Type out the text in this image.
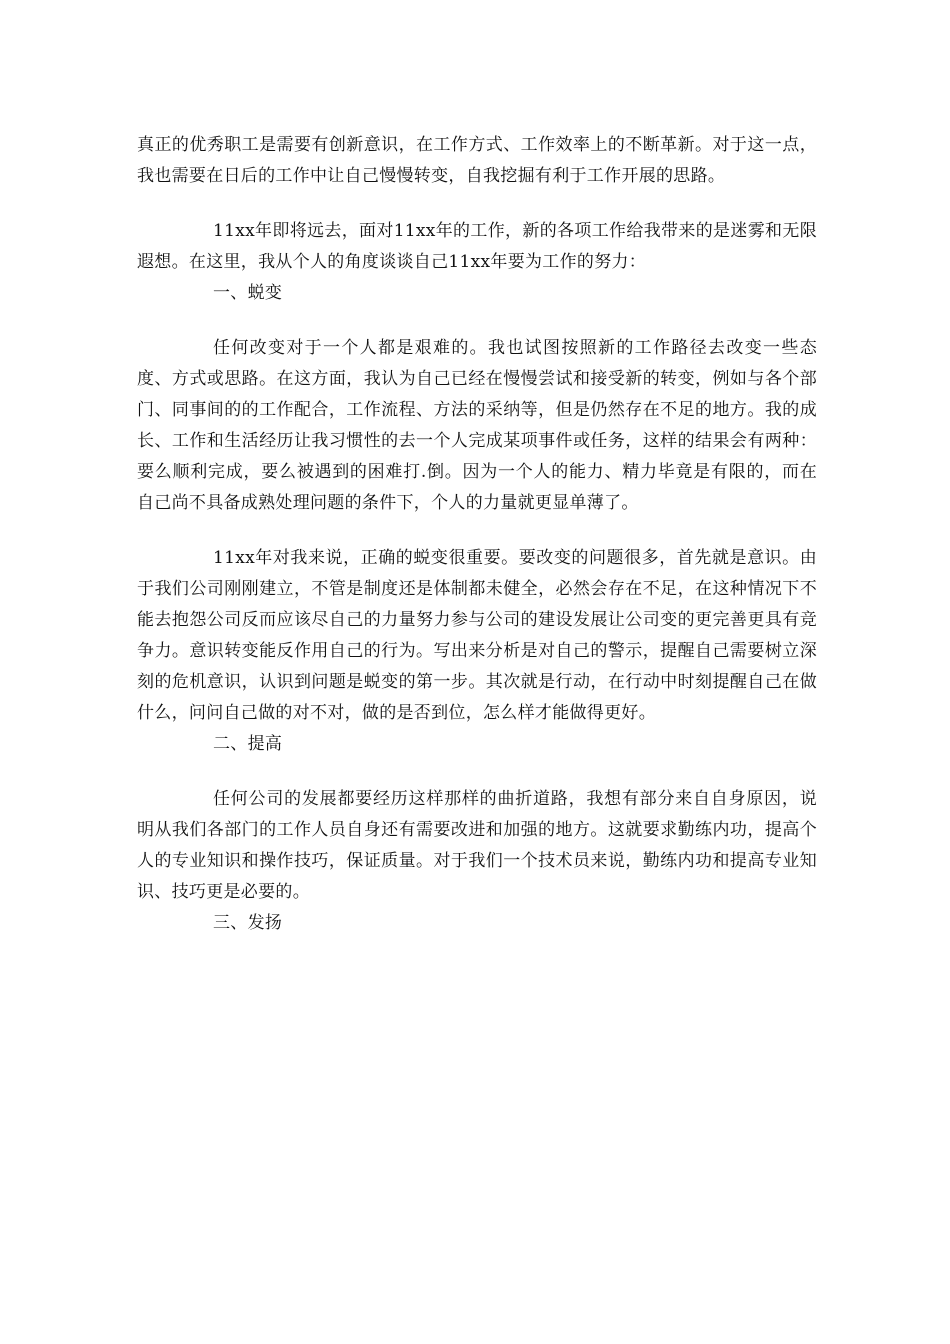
真正的优秀职工是需要有创新意识，在工作方式、工作效率上的不断革新。对于这一点，我也需要在日后的工作中让自己慢慢转变，自我挖掘有利于工作开展的思路。

11xx年即将远去，面对11xx年的工作，新的各项工作给我带来的是迷雾和无限遐想。在这里，我从个人的角度谈谈自己11xx年要为工作的努力：

一、蜕变

任何改变对于一个人都是艰难的。我也试图按照新的工作路径去改变一些态度、方式或思路。在这方面，我认为自己已经在慢慢尝试和接受新的转变，例如与各个部门、同事间的的工作配合，工作流程、方法的采纳等，但是仍然存在不足的地方。我的成长、工作和生活经历让我习惯性的去一个人完成某项事件或任务，这样的结果会有两种：要么顺利完成，要么被遇到的困难打.倒。因为一个人的能力、精力毕竟是有限的，而在自己尚不具备成熟处理问题的条件下，个人的力量就更显单薄了。

11xx年对我来说，正确的蜕变很重要。要改变的问题很多，首先就是意识。由于我们公司刚刚建立，不管是制度还是体制都未健全，必然会存在不足，在这种情况下不能去抱怨公司反而应该尽自己的力量努力参与公司的建设发展让公司变的更完善更具有竞争力。意识转变能反作用自己的行为。写出来分析是对自己的警示，提醒自己需要树立深刻的危机意识，认识到问题是蜕变的第一步。其次就是行动，在行动中时刻提醒自己在做什么，问问自己做的对不对，做的是否到位，怎么样才能做得更好。

二、提高

任何公司的发展都要经历这样那样的曲折道路，我想有部分来自自身原因，说明从我们各部门的工作人员自身还有需要改进和加强的地方。这就要求勤练内功，提高个人的专业知识和操作技巧，保证质量。对于我们一个技术员来说，勤练内功和提高专业知识、技巧更是必要的。

三、发扬
